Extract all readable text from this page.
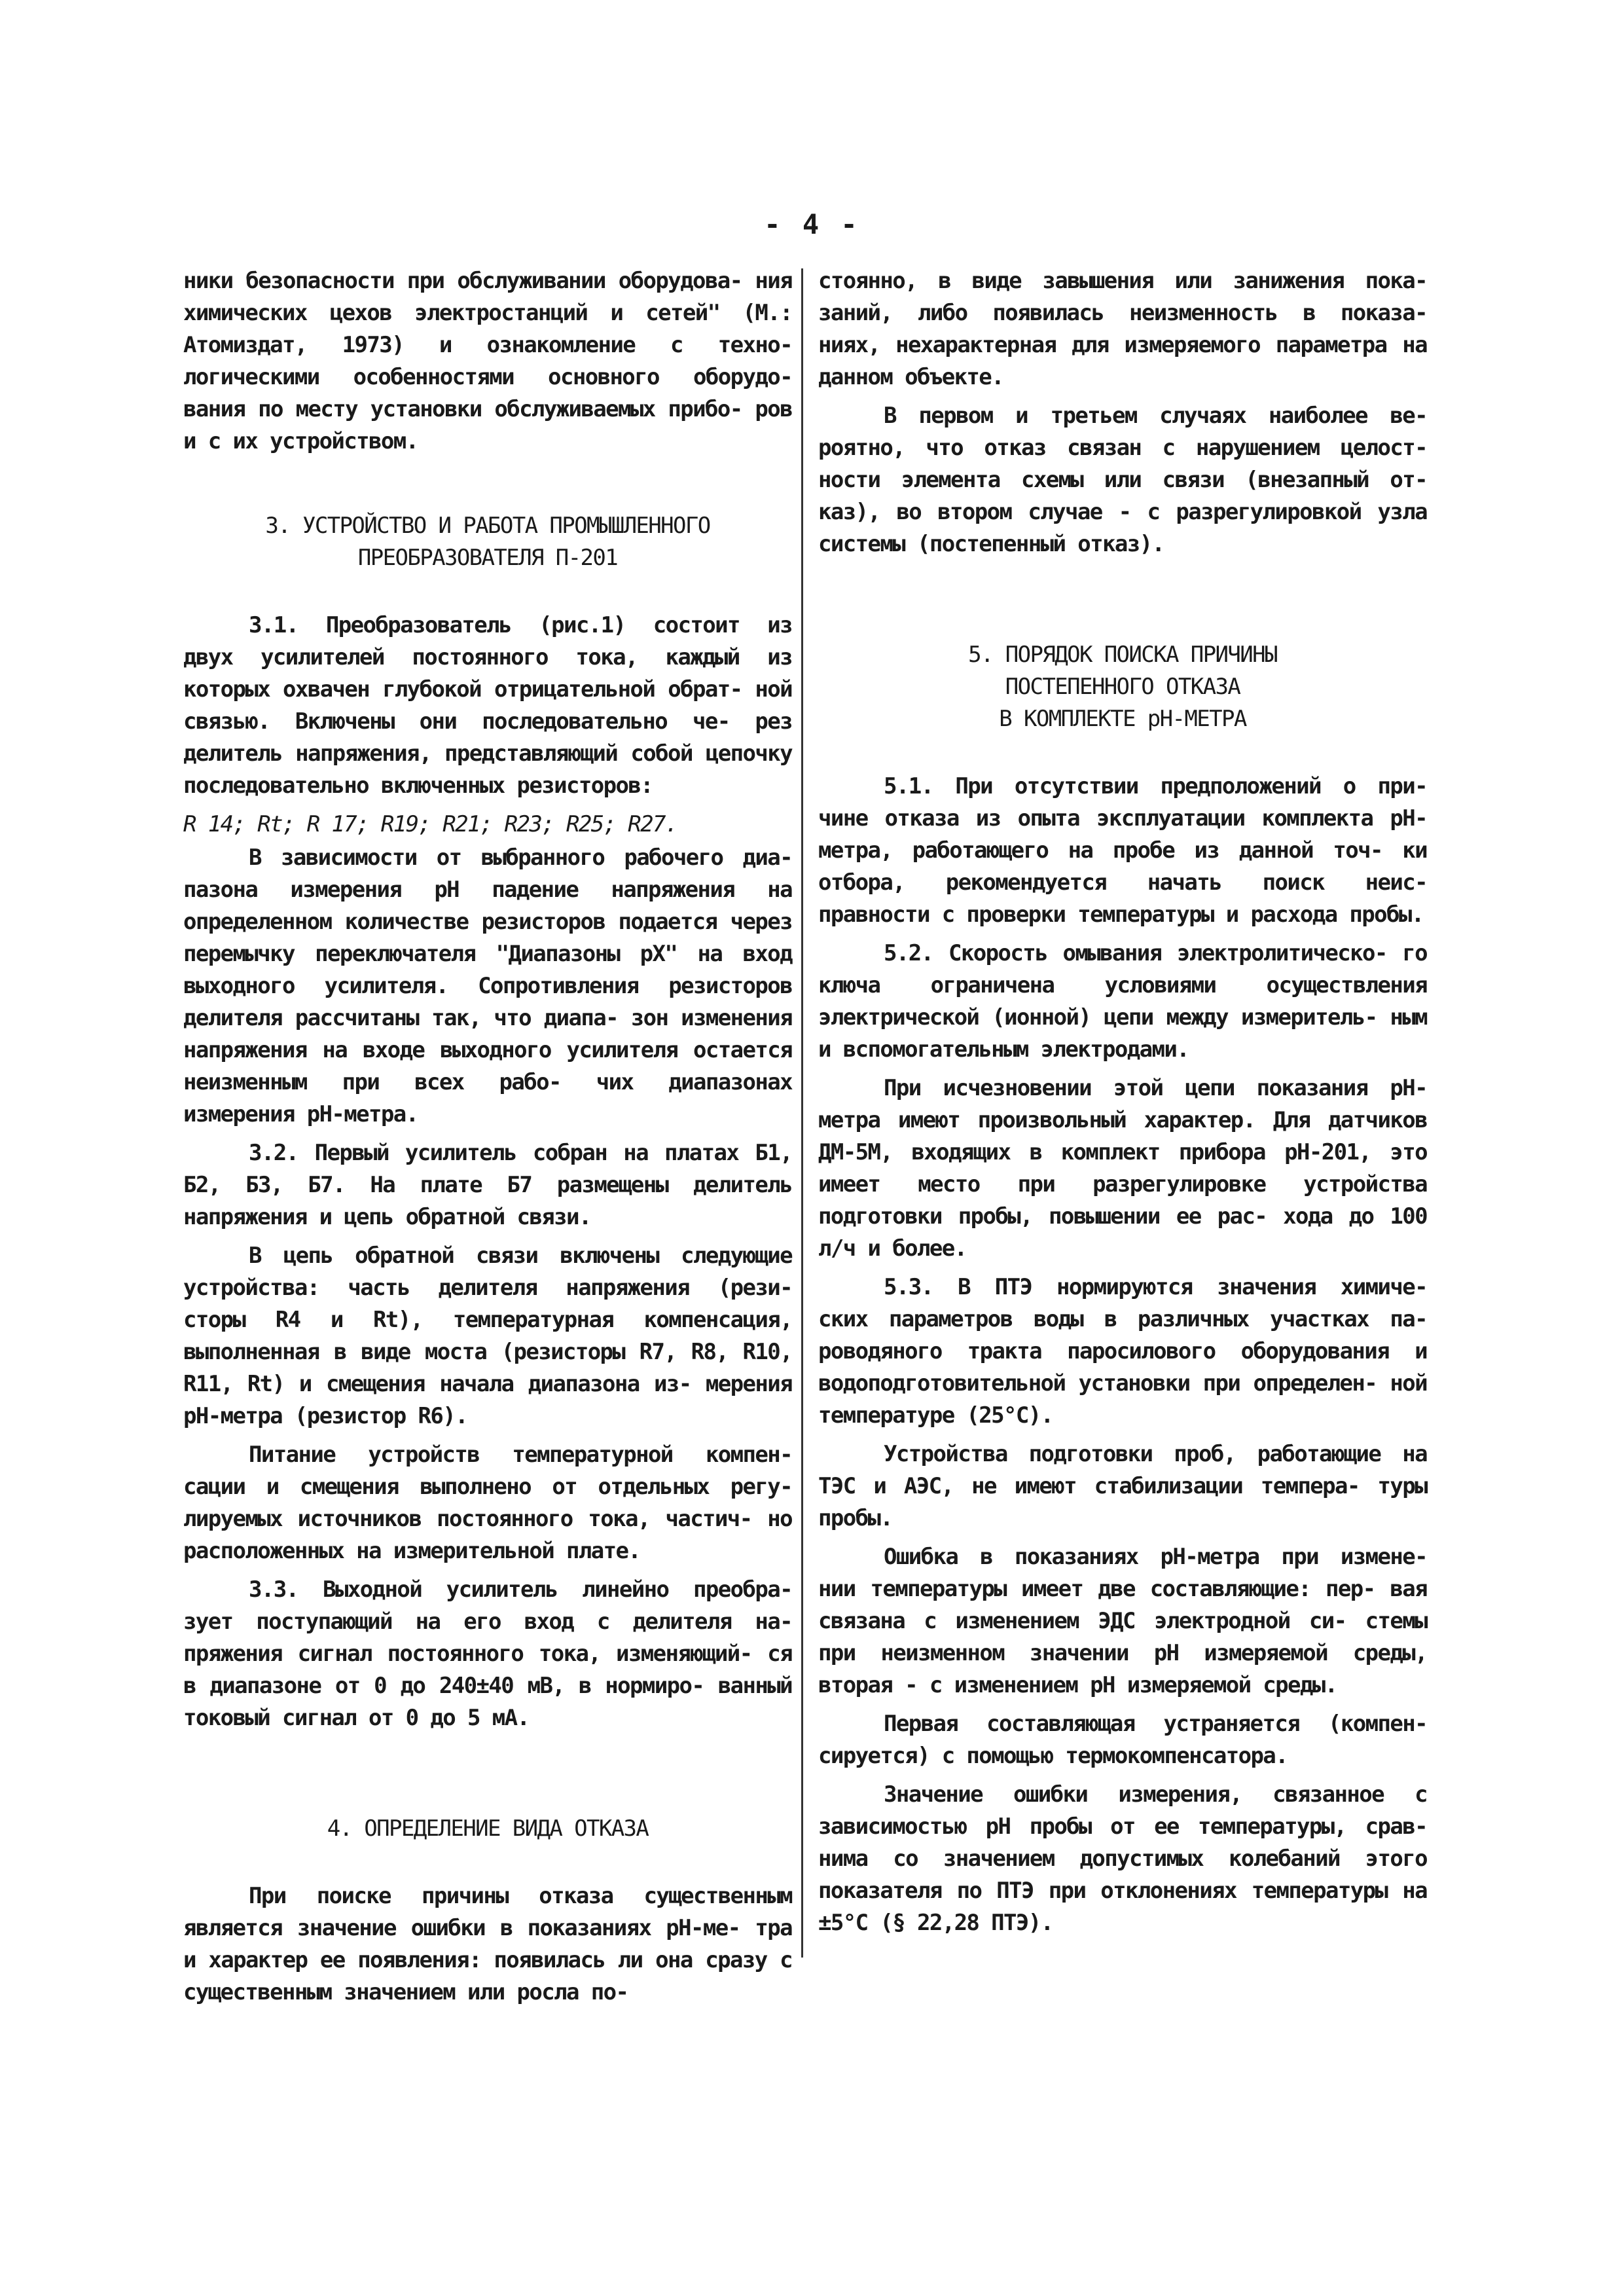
- 4 -

ники безопасности при обслуживании оборудова- ния химических цехов электростанций и сетей" (М.: Атомиздат, 1973) и ознакомление с техно- логическими особенностями основного оборудо- вания по месту установки обслуживаемых прибо- ров и с их устройством.

3. УСТРОЙСТВО И РАБОТА ПРОМЫШЛЕННОГО
ПРЕОБРАЗОВАТЕЛЯ П-201

3.1. Преобразователь (рис.1) состоит из двух усилителей постоянного тока, каждый из которых охвачен глубокой отрицательной обрат- ной связью. Включены они последовательно че- рез делитель напряжения, представляющий собой цепочку последовательно включенных резисторов:

R 14; Rt; R 17; R19; R21; R23; R25; R27.

В зависимости от выбранного рабочего диа- пазона измерения pH падение напряжения на определенном количестве резисторов подается через перемычку переключателя "Диапазоны pX" на вход выходного усилителя. Сопротивления резисторов делителя рассчитаны так, что диапа- зон изменения напряжения на входе выходного усилителя остается неизменным при всех рабо- чих диапазонах измерения pH-метра.

3.2. Первый усилитель собран на платах Б1, Б2, Б3, Б7. На плате Б7 размещены делитель напряжения и цепь обратной связи.

В цепь обратной связи включены следующие устройства: часть делителя напряжения (рези- сторы R4 и Rt), температурная компенсация, выполненная в виде моста (резисторы R7, R8, R10, R11, Rt) и смещения начала диапазона из- мерения pH-метра (резистор R6).

Питание устройств температурной компен- сации и смещения выполнено от отдельных регу- лируемых источников постоянного тока, частич- но расположенных на измерительной плате.

3.3. Выходной усилитель линейно преобра- зует поступающий на его вход с делителя на- пряжения сигнал постоянного тока, изменяющий- ся в диапазоне от 0 до 240±40 мВ, в нормиро- ванный токовый сигнал от 0 до 5 мА.

4. ОПРЕДЕЛЕНИЕ ВИДА ОТКАЗА

При поиске причины отказа существенным является значение ошибки в показаниях pH-ме- тра и характер ее появления: появилась ли она сразу с существенным значением или росла по-

стоянно, в виде завышения или занижения пока- заний, либо появилась неизменность в показа- ниях, нехарактерная для измеряемого параметра на данном объекте.

В первом и третьем случаях наиболее ве- роятно, что отказ связан с нарушением целост- ности элемента схемы или связи (внезапный от- каз), во втором случае - с разрегулировкой узла системы (постепенный отказ).

5. ПОРЯДОК ПОИСКА ПРИЧИНЫ
ПОСТЕПЕННОГО ОТКАЗА
В КОМПЛЕКТЕ pH-МЕТРА

5.1. При отсутствии предположений о при- чине отказа из опыта эксплуатации комплекта pH-метра, работающего на пробе из данной точ- ки отбора, рекомендуется начать поиск неис- правности с проверки температуры и расхода пробы.

5.2. Скорость омывания электролитическо- го ключа ограничена условиями осуществления электрической (ионной) цепи между измеритель- ным и вспомогательным электродами.

При исчезновении этой цепи показания pH-метра имеют произвольный характер. Для датчиков ДМ-5М, входящих в комплект прибора pH-201, это имеет место при разрегулировке устройства подготовки пробы, повышении ее рас- хода до 100 л/ч и более.

5.3. В ПТЭ нормируются значения химиче- ских параметров воды в различных участках па- роводяного тракта паросилового оборудования и водоподготовительной установки при определен- ной температуре (25°С).

Устройства подготовки проб, работающие на ТЭС и АЭС, не имеют стабилизации темпера- туры пробы.

Ошибка в показаниях pH-метра при измене- нии температуры имеет две составляющие: пер- вая связана с изменением ЭДС электродной си- стемы при неизменном значении pH измеряемой среды, вторая - с изменением pH измеряемой среды.

Первая составляющая устраняется (компен- сируется) с помощью термокомпенсатора.

Значение ошибки измерения, связанное с зависимостью pH пробы от ее температуры, срав- нима со значением допустимых колебаний этого показателя по ПТЭ при отклонениях температуры на ±5°С (§ 22,28 ПТЭ).
